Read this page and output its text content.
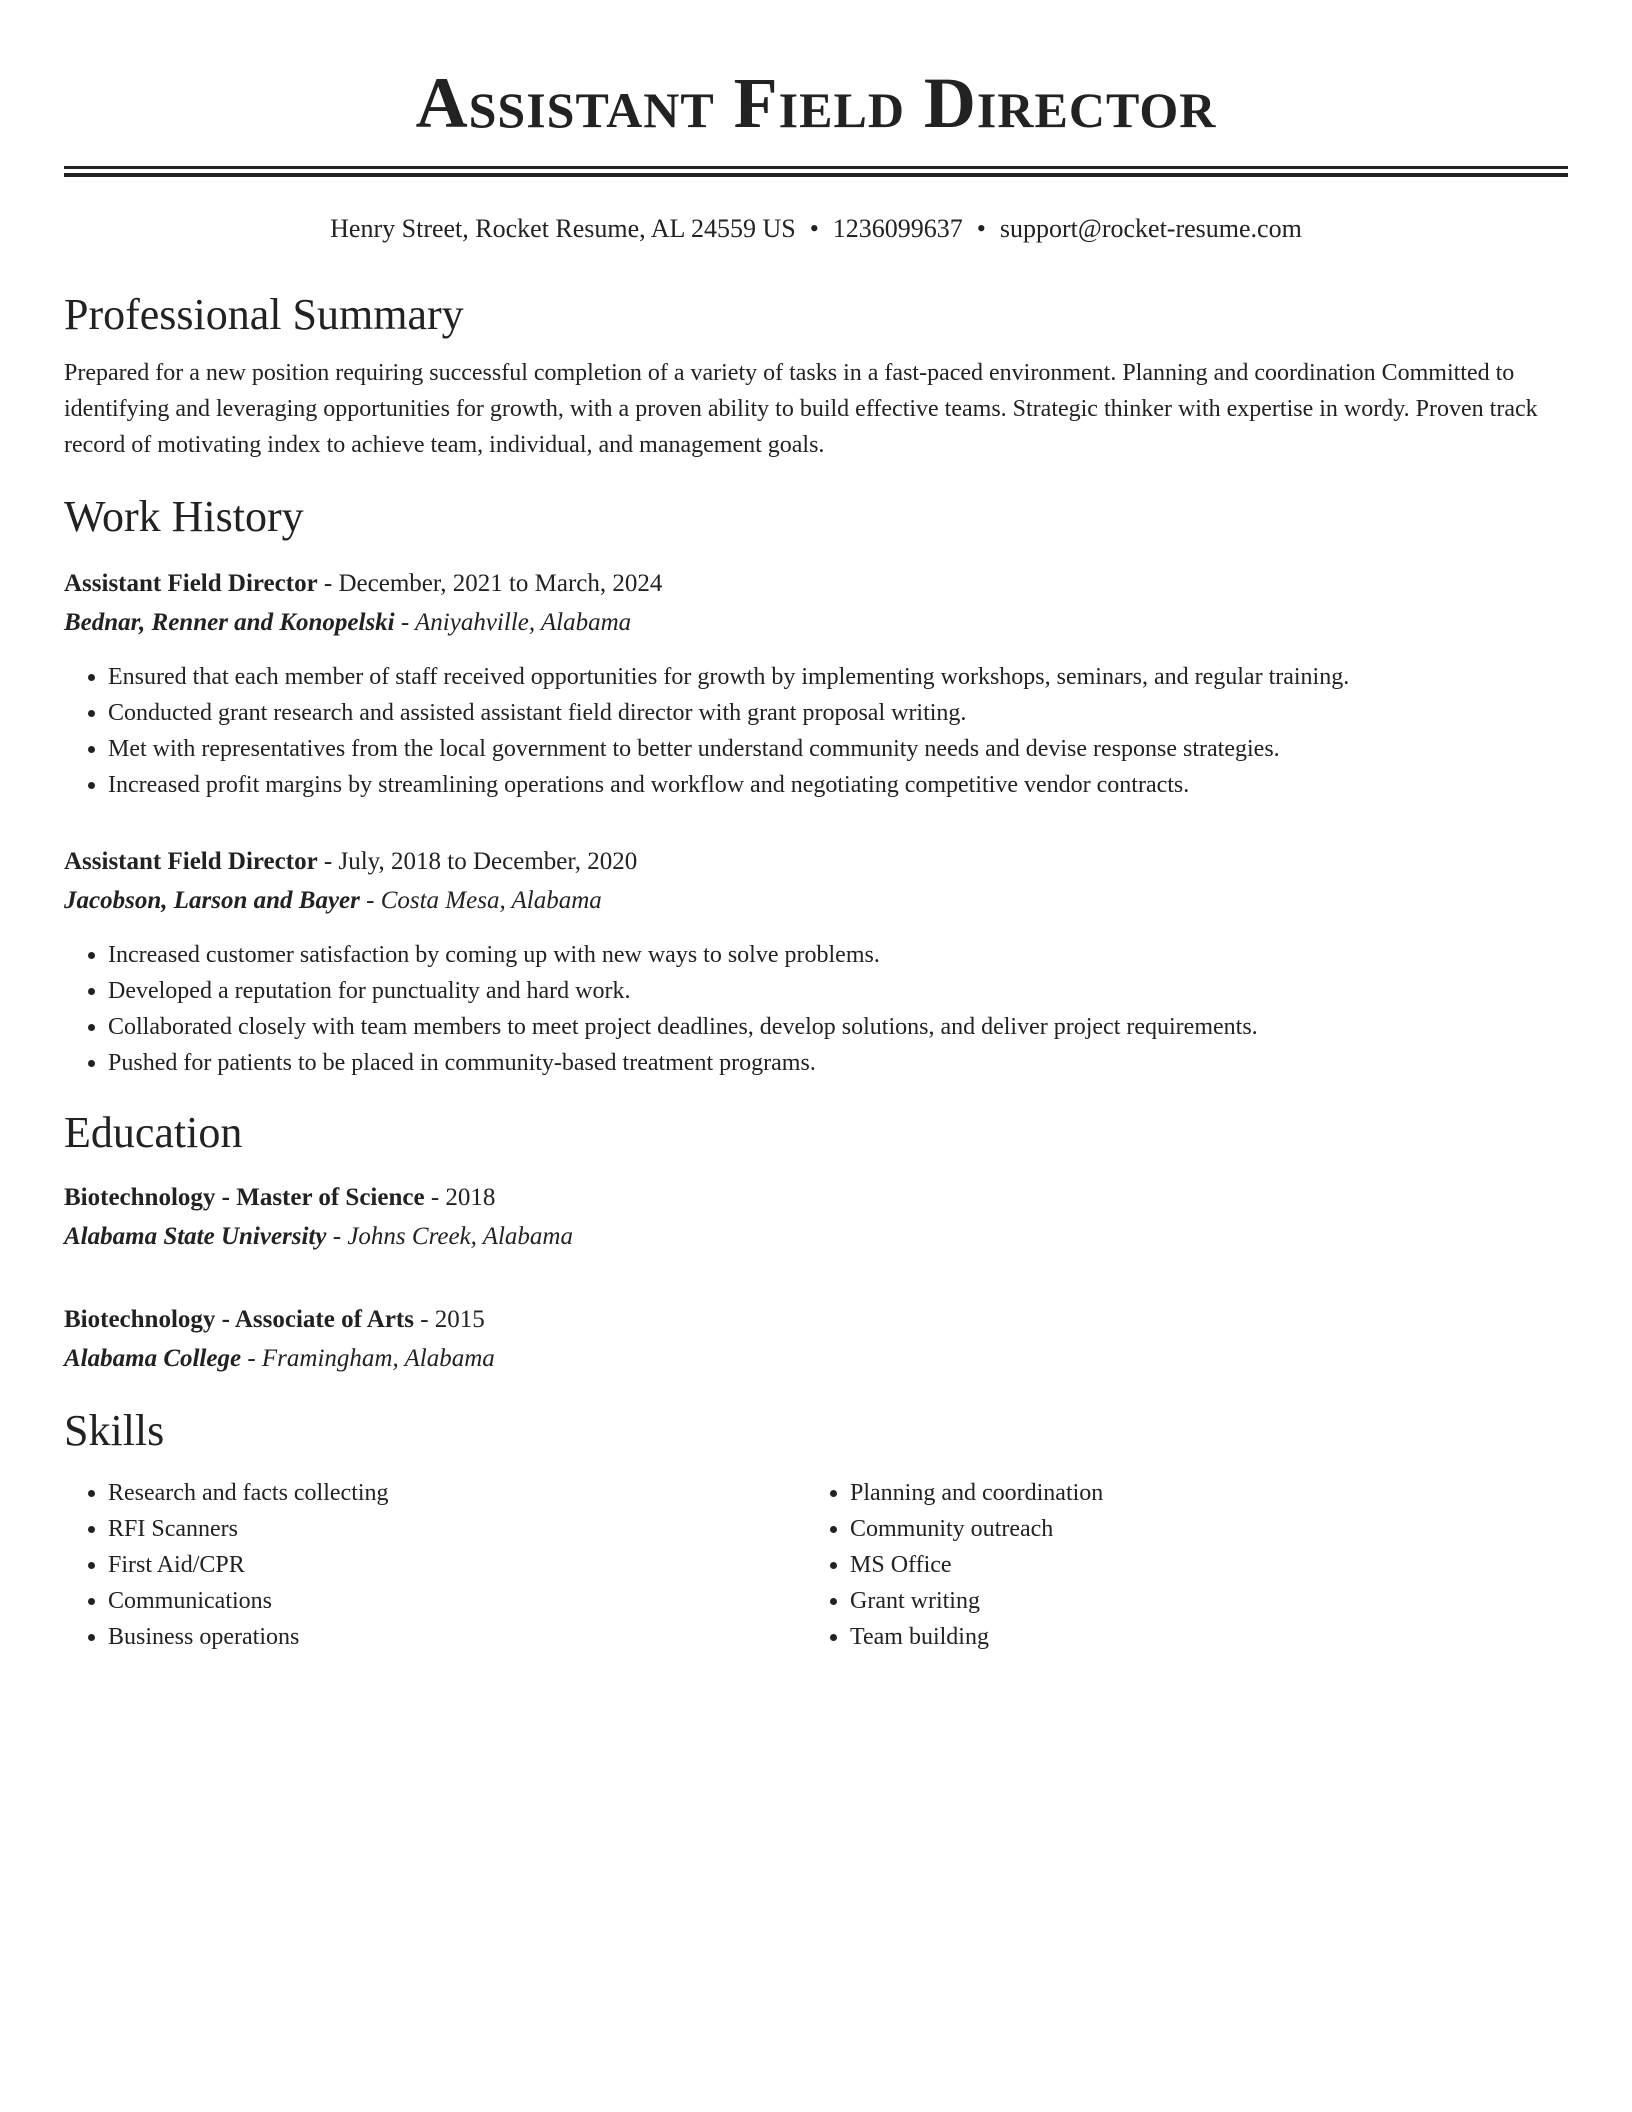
Assistant Field Director
Henry Street, Rocket Resume, AL 24559 US • 1236099637 • support@rocket-resume.com
Professional Summary
Prepared for a new position requiring successful completion of a variety of tasks in a fast-paced environment. Planning and coordination Committed to identifying and leveraging opportunities for growth, with a proven ability to build effective teams. Strategic thinker with expertise in wordy. Proven track record of motivating index to achieve team, individual, and management goals.
Work History
Assistant Field Director - December, 2021 to March, 2024
Bednar, Renner and Konopelski - Aniyahville, Alabama
• Ensured that each member of staff received opportunities for growth by implementing workshops, seminars, and regular training.
• Conducted grant research and assisted assistant field director with grant proposal writing.
• Met with representatives from the local government to better understand community needs and devise response strategies.
• Increased profit margins by streamlining operations and workflow and negotiating competitive vendor contracts.
Assistant Field Director - July, 2018 to December, 2020
Jacobson, Larson and Bayer - Costa Mesa, Alabama
• Increased customer satisfaction by coming up with new ways to solve problems.
• Developed a reputation for punctuality and hard work.
• Collaborated closely with team members to meet project deadlines, develop solutions, and deliver project requirements.
• Pushed for patients to be placed in community-based treatment programs.
Education
Biotechnology - Master of Science - 2018
Alabama State University - Johns Creek, Alabama
Biotechnology - Associate of Arts - 2015
Alabama College - Framingham, Alabama
Skills
• Research and facts collecting
• RFI Scanners
• First Aid/CPR
• Communications
• Business operations
• Planning and coordination
• Community outreach
• MS Office
• Grant writing
• Team building
